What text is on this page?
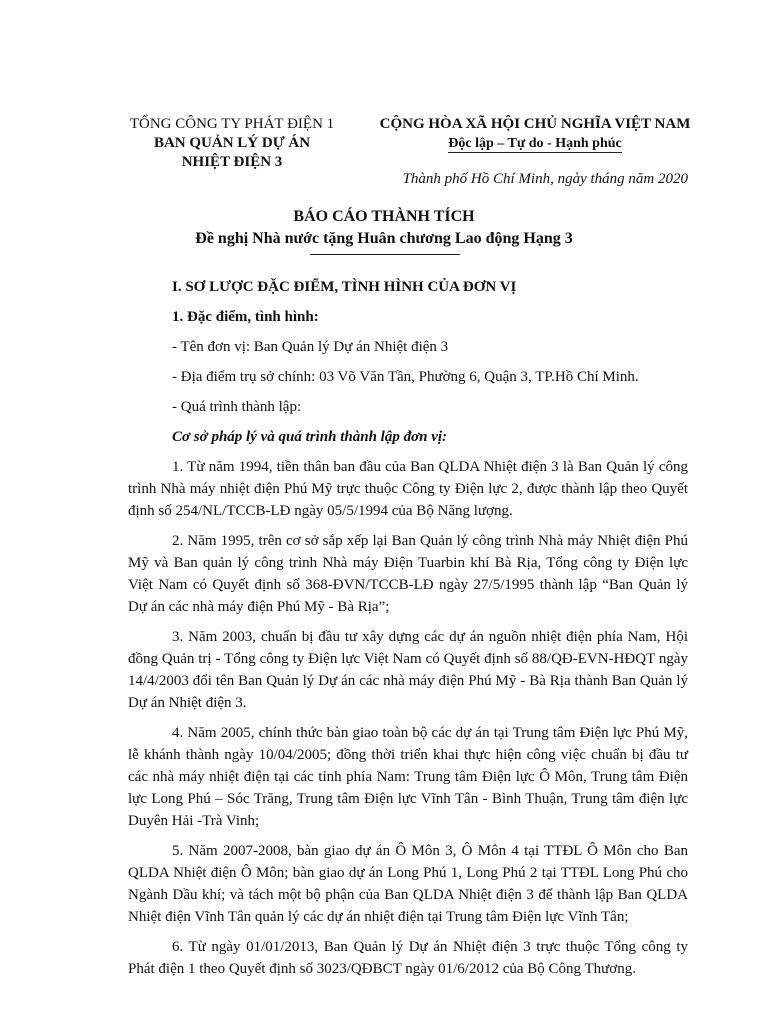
TỔNG CÔNG TY PHÁT ĐIỆN 1
BAN QUẢN LÝ DỰ ÁN
NHIỆT ĐIỆN 3
CỘNG HÒA XÃ HỘI CHỦ NGHĨA VIỆT NAM
Độc lập – Tự do - Hạnh phúc
Thành phố Hồ Chí Minh, ngày tháng năm 2020
BÁO CÁO THÀNH TÍCH
Đề nghị Nhà nước tặng Huân chương Lao động Hạng 3
I. SƠ LƯỢC ĐẶC ĐIỂM, TÌNH HÌNH CỦA ĐƠN VỊ
1. Đặc điểm, tình hình:
- Tên đơn vị: Ban Quản lý Dự án Nhiệt điện 3
- Địa điểm trụ sở chính: 03 Võ Văn Tần, Phường 6, Quận 3, TP.Hồ Chí Minh.
- Quá trình thành lập:
Cơ sở pháp lý và quá trình thành lập đơn vị:

1. Từ năm 1994, tiền thân ban đầu của Ban QLDA Nhiệt điện 3 là Ban Quản lý công trình Nhà máy nhiệt điện Phú Mỹ trực thuộc Công ty Điện lực 2, được thành lập theo Quyết định số 254/NL/TCCB-LĐ ngày 05/5/1994 của Bộ Năng lượng.

2. Năm 1995, trên cơ sở sắp xếp lại Ban Quản lý công trình Nhà máy Nhiệt điện Phú Mỹ và Ban quản lý công trình Nhà máy Điện Tuarbin khí Bà Rịa, Tổng công ty Điện lực Việt Nam có Quyết định số 368-ĐVN/TCCB-LĐ ngày 27/5/1995 thành lập “Ban Quản lý Dự án các nhà máy điện Phú Mỹ - Bà Rịa”;

3. Năm 2003, chuẩn bị đầu tư xây dựng các dự án nguồn nhiệt điện phía Nam, Hội đồng Quản trị - Tổng công ty Điện lực Việt Nam có Quyết định số 88/QĐ-EVN-HĐQT ngày 14/4/2003 đổi tên Ban Quản lý Dự án các nhà máy điện Phú Mỹ - Bà Rịa thành Ban Quản lý Dự án Nhiệt điện 3.

4. Năm 2005, chính thức bàn giao toàn bộ các dự án tại Trung tâm Điện lực Phú Mỹ, lễ khánh thành ngày 10/04/2005; đồng thời triển khai thực hiện công việc chuẩn bị đầu tư các nhà máy nhiệt điện tại các tỉnh phía Nam: Trung tâm Điện lực Ô Môn, Trung tâm Điện lực Long Phú – Sóc Trăng, Trung tâm Điện lực Vĩnh Tân - Bình Thuận, Trung tâm điện lực Duyên Hải -Trà Vinh;

5. Năm 2007-2008, bàn giao dự án Ô Môn 3, Ô Môn 4 tại TTĐL Ô Môn cho Ban QLDA Nhiệt điện Ô Môn; bàn giao dự án Long Phú 1, Long Phú 2 tại TTĐL Long Phú cho Ngành Dầu khí; và tách một bộ phận của Ban QLDA Nhiệt điện 3 để thành lập Ban QLDA Nhiệt điện Vĩnh Tân quản lý các dự án nhiệt điện tại Trung tâm Điện lực Vĩnh Tân;

6. Từ ngày 01/01/2013, Ban Quản lý Dự án Nhiệt điện 3 trực thuộc Tổng công ty Phát điện 1 theo Quyết định số 3023/QĐBCT ngày 01/6/2012 của Bộ Công Thương.
